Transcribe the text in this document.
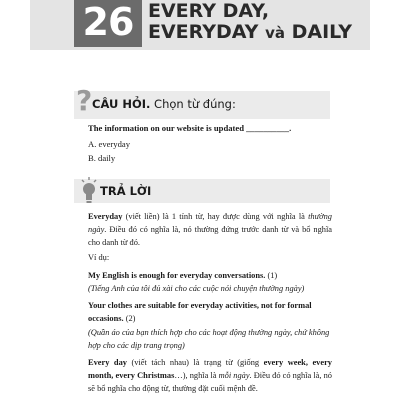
26 EVERY DAY,
EVERYDAY và DAILY
? CÂU HỎI. Chọn từ đúng:
The information on our website is updated __________.
A. everyday
B. daily
TRẢ LỜI
Everyday (viết liền) là 1 tính từ, hay được dùng với nghĩa là thường ngày. Điều đó có nghĩa là, nó thường đứng trước danh từ và bổ nghĩa cho danh từ đó.
Ví dụ:
My English is enough for everyday conversations. (1)
(Tiếng Anh của tôi đủ xài cho các cuộc nói chuyện thường ngày)
Your clothes are suitable for everyday activities, not for formal occasions. (2)
(Quần áo của bạn thích hợp cho các hoạt động thường ngày, chứ không hợp cho các dịp trang trọng)
Every day (viết tách nhau) là trạng từ (giống every week, every month, every Christmas…), nghĩa là mỗi ngày. Điều đó có nghĩa là, nó sẽ bổ nghĩa cho động từ, thường đặt cuối mệnh đề.
